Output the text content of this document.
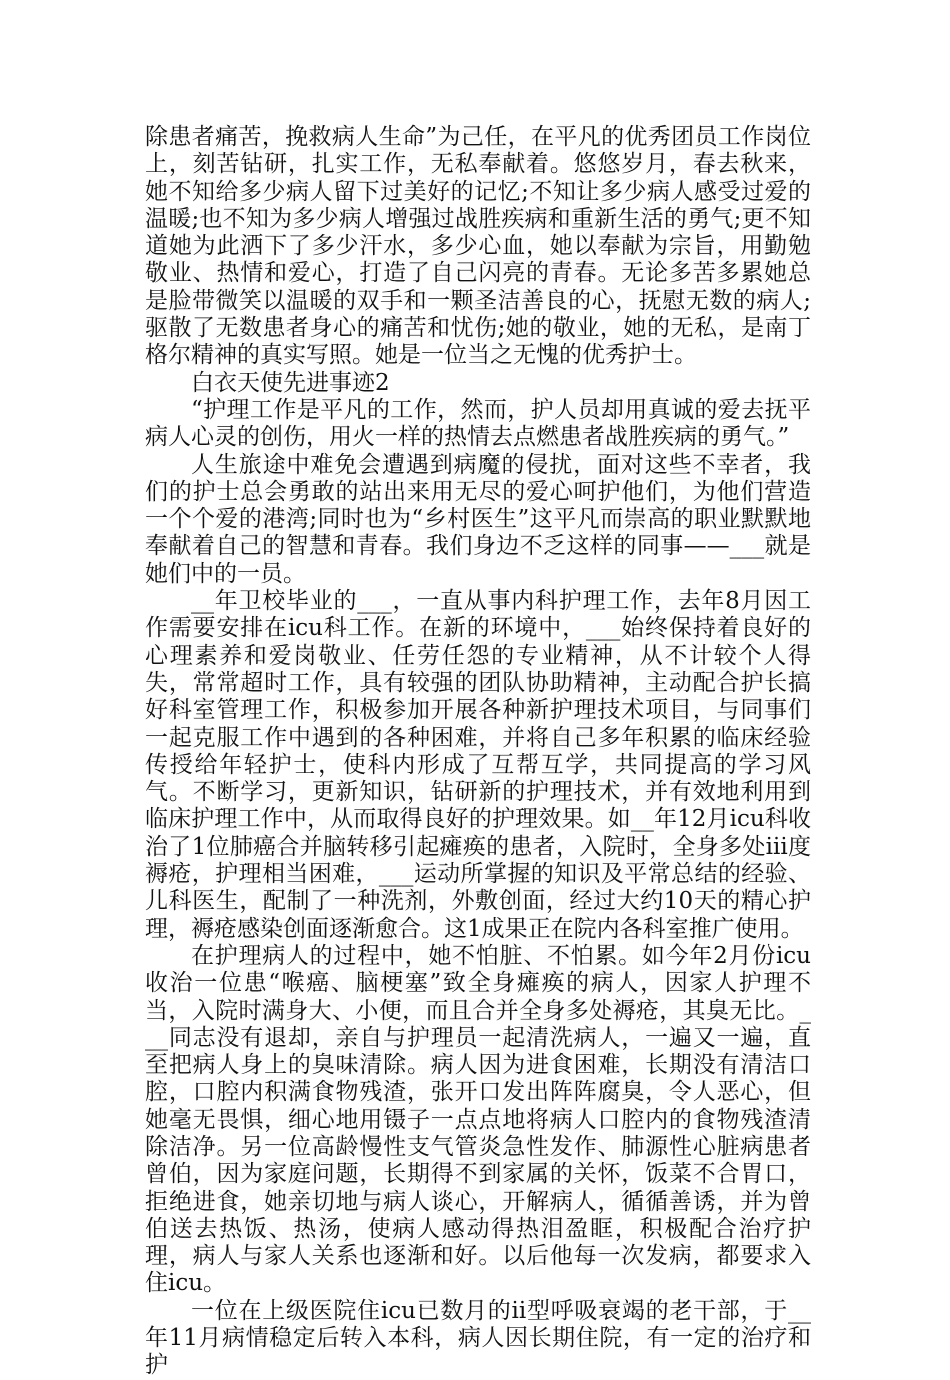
除患者痛苦，挽救病人生命”为己任，在平凡的优秀团员工作岗位上，刻苦钻研，扎实工作，无私奉献着。悠悠岁月，春去秋来，她不知给多少病人留下过美好的记忆;不知让多少病人感受过爱的温暖;也不知为多少病人增强过战胜疾病和重新生活的勇气;更不知道她为此洒下了多少汗水，多少心血，她以奉献为宗旨，用勤勉敬业、热情和爱心，打造了自己闪亮的青春。无论多苦多累她总是脸带微笑以温暖的双手和一颗圣洁善良的心，抚慰无数的病人;驱散了无数患者身心的痛苦和忧伤;她的敬业，她的无私，是南丁格尔精神的真实写照。她是一位当之无愧的优秀护士。

白衣天使先进事迹2

“护理工作是平凡的工作，然而，护人员却用真诚的爱去抚平病人心灵的创伤，用火一样的热情去点燃患者战胜疾病的勇气。”

人生旅途中难免会遭遇到病魔的侵扰，面对这些不幸者，我们的护士总会勇敢的站出来用无尽的爱心呵护他们，为他们营造一个个爱的港湾;同时也为“乡村医生”这平凡而崇高的职业默默地奉献着自己的智慧和青春。我们身边不乏这样的同事——___就是她们中的一员。

__年卫校毕业的___，一直从事内科护理工作，去年8月因工作需要安排在icu科工作。在新的环境中，___始终保持着良好的心理素养和爱岗敬业、任劳任怨的专业精神，从不计较个人得失，常常超时工作，具有较强的团队协助精神，主动配合护长搞好科室管理工作，积极参加开展各种新护理技术项目，与同事们一起克服工作中遇到的各种困难，并将自己多年积累的临床经验传授给年轻护士，使科内形成了互帮互学，共同提高的学习风气。不断学习，更新知识，钻研新的护理技术，并有效地利用到临床护理工作中，从而取得良好的护理效果。如__年12月icu科收治了1位肺癌合并脑转移引起瘫痪的患者，入院时，全身多处iii度褥疮，护理相当困难，___运动所掌握的知识及平常总结的经验、儿科医生，配制了一种洗剂，外敷创面，经过大约10天的精心护理，褥疮感染创面逐渐愈合。这1成果正在院内各科室推广使用。

在护理病人的过程中，她不怕脏、不怕累。如今年2月份icu收治一位患“喉癌、脑梗塞”致全身瘫痪的病人，因家人护理不当，入院时满身大、小便，而且合并全身多处褥疮，其臭无比。___同志没有退却，亲自与护理员一起清洗病人，一遍又一遍，直至把病人身上的臭味清除。病人因为进食困难，长期没有清洁口腔，口腔内积满食物残渣，张开口发出阵阵腐臭，令人恶心，但她毫无畏惧，细心地用镊子一点点地将病人口腔内的食物残渣清除洁净。另一位高龄慢性支气管炎急性发作、肺源性心脏病患者曾伯，因为家庭问题，长期得不到家属的关怀，饭菜不合胃口，拒绝进食，她亲切地与病人谈心，开解病人，循循善诱，并为曾伯送去热饭、热汤，使病人感动得热泪盈眶，积极配合治疗护理，病人与家人关系也逐渐和好。以后他每一次发病，都要求入住icu。

一位在上级医院住icu已数月的ii型呼吸衰竭的老干部，于__年11月病情稳定后转入本科，病人因长期住院，有一定的治疗和护
